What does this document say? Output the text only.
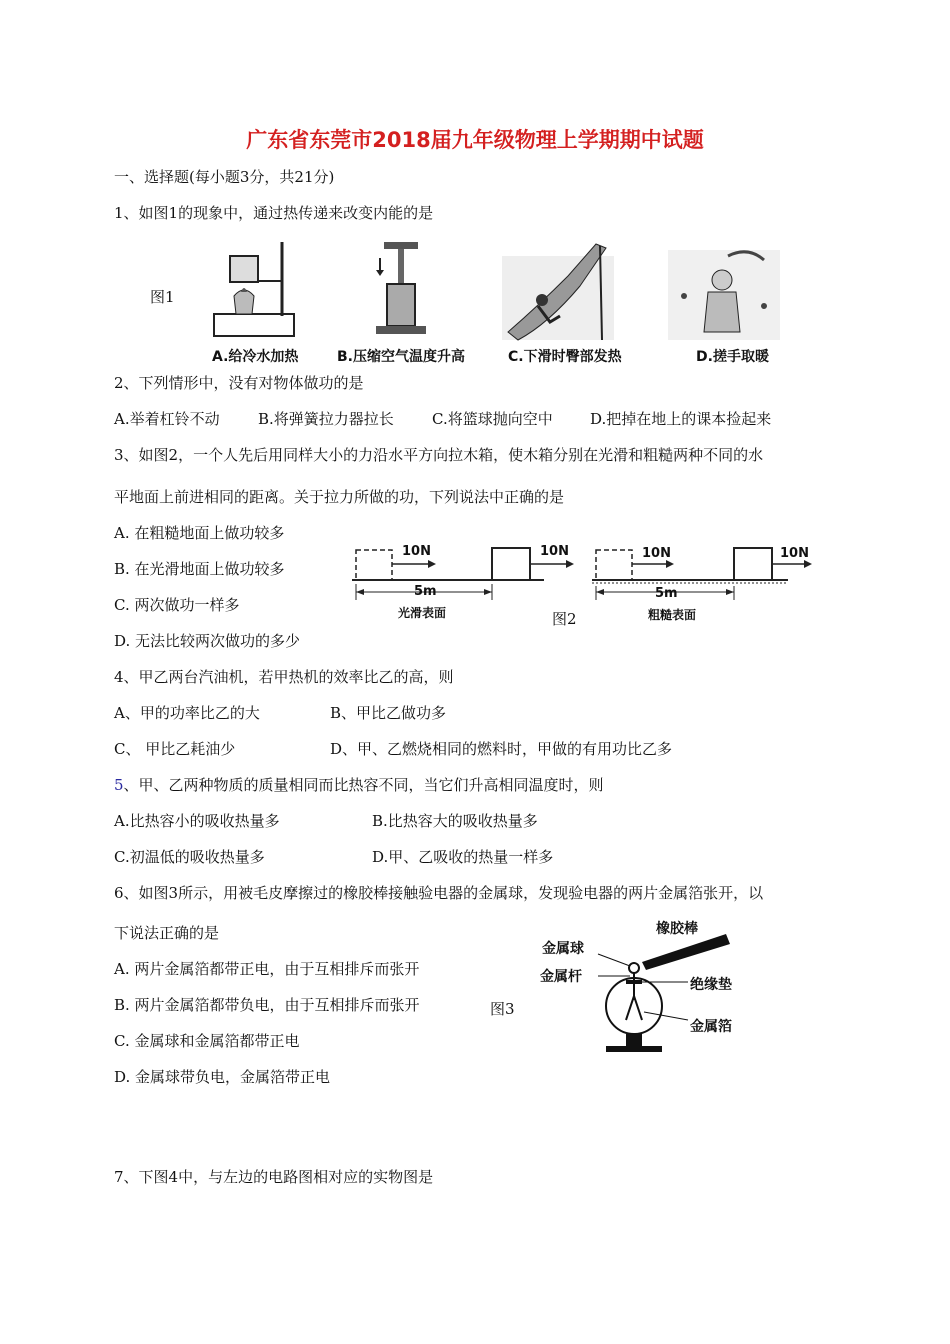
广东省东莞市2018届九年级物理上学期期中试题
一、选择题(每小题3分，共21分)
1、如图1的现象中，通过热传递来改变内能的是
图1
A.给冷水加热	B.压缩空气温度升高	C.下滑时臀部发热	D.搓手取暖
2、下列情形中，没有对物体做功的是
A.举着杠铃不动	B.将弹簧拉力器拉长	C.将篮球抛向空中 D.把掉在地上的课本捡起来
3、如图2，一个人先后用同样大小的力沿水平方向拉木箱，使木箱分别在光滑和粗糙两种不同的水
平地面上前进相同的距离。关于拉力所做的功，下列说法中正确的是
A. 在粗糙地面上做功较多
B. 在光滑地面上做功较多
C. 两次做功一样多
D. 无法比较两次做功的多少
10N	10N	10N	10N
5m	5m
光滑表面	粗糙表面
图2
4、甲乙两台汽油机，若甲热机的效率比乙的高，则
A、甲的功率比乙的大	B、甲比乙做功多
C、 甲比乙耗油少	D、甲、乙燃烧相同的燃料时，甲做的有用功比乙多
5、甲、乙两种物质的质量相同而比热容不同，当它们升高相同温度时，则
A.比热容小的吸收热量多	B.比热容大的吸收热量多
C.初温低的吸收热量多	D.甲、乙吸收的热量一样多
6、如图3所示，用被毛皮摩擦过的橡胶棒接触验电器的金属球，发现验电器的两片金属箔张开，以
下说法正确的是
A. 两片金属箔都带正电，由于互相排斥而张开
B. 两片金属箔都带负电，由于互相排斥而张开
C. 金属球和金属箔都带正电
D. 金属球带负电，金属箔带正电
图3
橡胶棒
金属球
金属杆	绝缘垫
金属箔
7、下图4中，与左边的电路图相对应的实物图是
